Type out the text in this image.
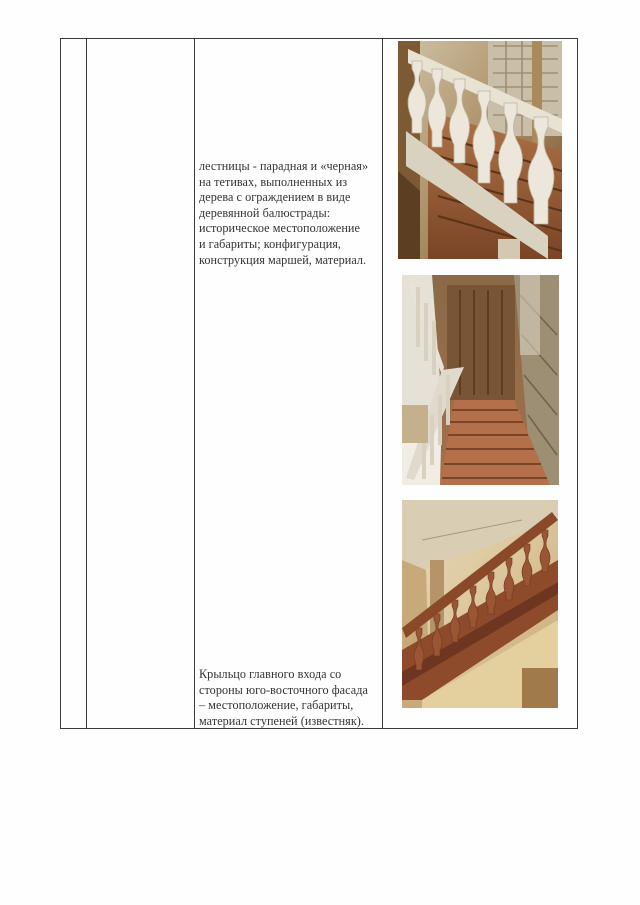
лестницы - парадная и «черная»
на тетивах, выполненных из
дерева с ограждением в виде
деревянной балюстрады:
историческое местоположение
и габариты; конфигурация,
конструкция маршей, материал.
Крыльцо главного входа со
стороны юго-восточного фасада
– местоположение, габариты,
материал ступеней (известняк).
